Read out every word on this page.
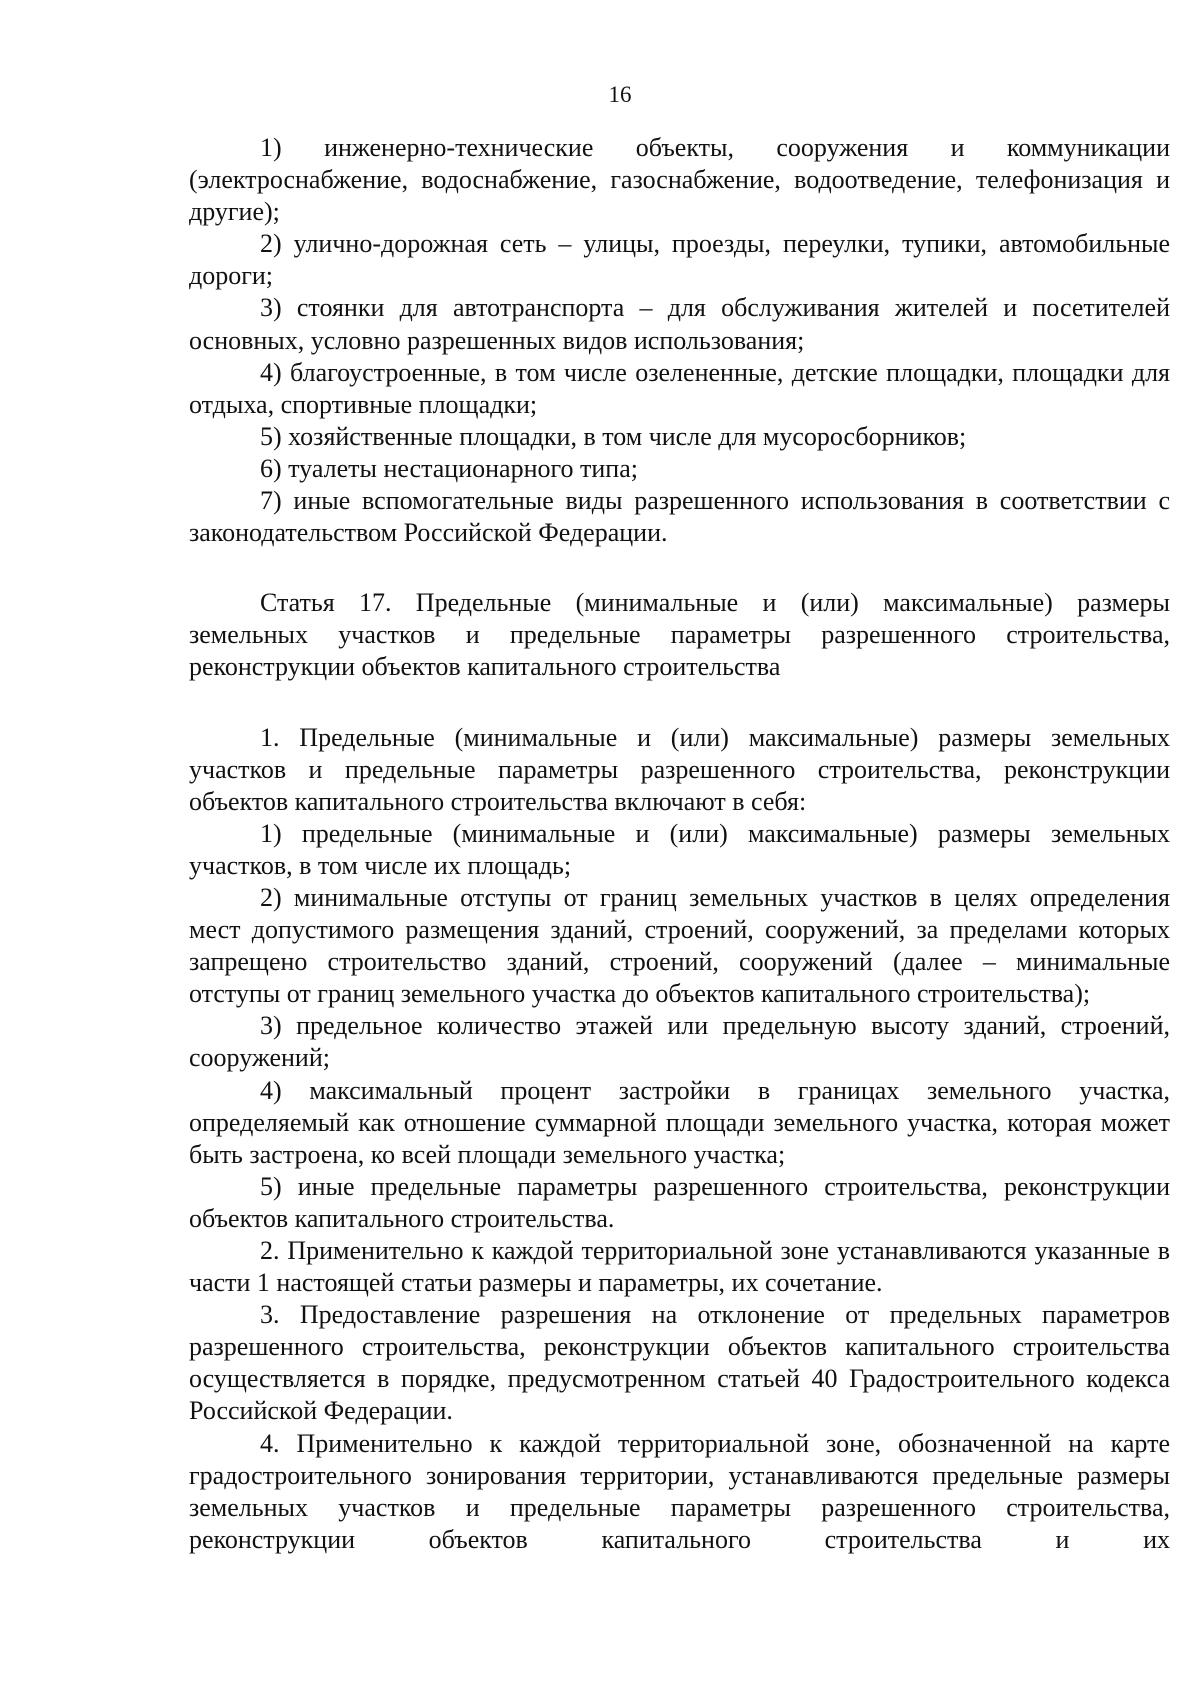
16

1) инженерно-технические объекты, сооружения и коммуникации (электроснабжение, водоснабжение, газоснабжение, водоотведение, телефонизация и другие);

2) улично-дорожная сеть – улицы, проезды, переулки, тупики, автомобильные дороги;

3) стоянки для автотранспорта – для обслуживания жителей и посетителей основных, условно разрешенных видов использования;

4) благоустроенные, в том числе озелененные, детские площадки, площадки для отдыха, спортивные площадки;

5) хозяйственные площадки, в том числе для мусоросборников;

6) туалеты нестационарного типа;

7) иные вспомогательные виды разрешенного использования в соответствии с законодательством Российской Федерации.

Статья 17. Предельные (минимальные и (или) максимальные) размеры земельных участков и предельные параметры разрешенного строительства, реконструкции объектов капитального строительства

1. Предельные (минимальные и (или) максимальные) размеры земельных участков и предельные параметры разрешенного строительства, реконструкции объектов капитального строительства включают в себя:

1) предельные (минимальные и (или) максимальные) размеры земельных участков, в том числе их площадь;

2) минимальные отступы от границ земельных участков в целях определения мест допустимого размещения зданий, строений, сооружений, за пределами которых запрещено строительство зданий, строений, сооружений (далее – минимальные отступы от границ земельного участка до объектов капитального строительства);

3) предельное количество этажей или предельную высоту зданий, строений, сооружений;

4) максимальный процент застройки в границах земельного участка, определяемый как отношение суммарной площади земельного участка, которая может быть застроена, ко всей площади земельного участка;

5) иные предельные параметры разрешенного строительства, реконструкции объектов капитального строительства.

2. Применительно к каждой территориальной зоне устанавливаются указанные в части 1 настоящей статьи размеры и параметры, их сочетание.

3. Предоставление разрешения на отклонение от предельных параметров разрешенного строительства, реконструкции объектов капитального строительства осуществляется в порядке, предусмотренном статьей 40 Градостроительного кодекса Российской Федерации.

4. Применительно к каждой территориальной зоне, обозначенной на карте градостроительного зонирования территории, устанавливаются предельные размеры земельных участков и предельные параметры разрешенного строительства, реконструкции объектов капитального строительства и их
